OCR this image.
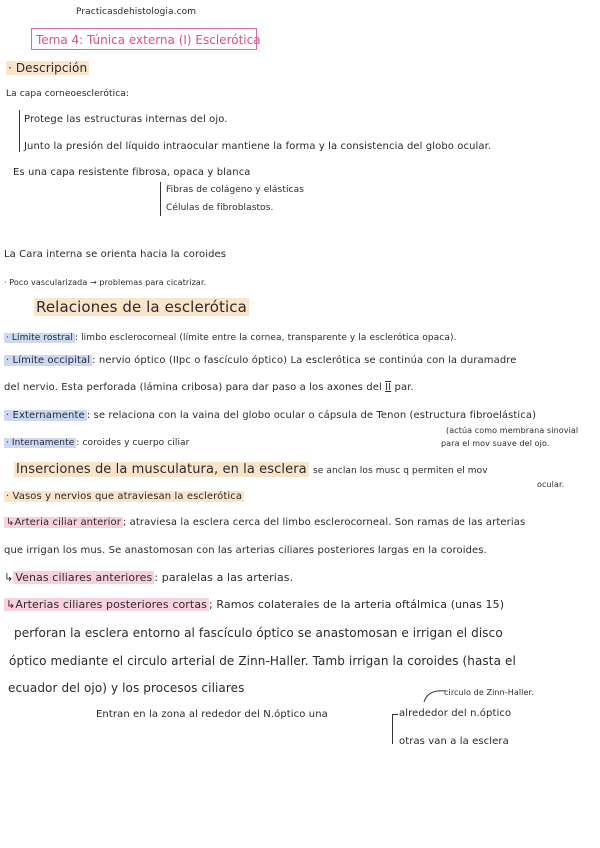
Practicasdehistologia.com
Tema 4: Túnica externa (I) Esclerótica
· Descripción
La capa corneoesclerótica:
Protege las estructuras internas del ojo.
Junto la presión del líquido intraocular mantiene la forma y la consistencia del globo ocular.
Es una capa resistente fibrosa, opaca y blanca
Fibras de colágeno y elásticas
Células de fibroblastos.
La Cara interna se orienta hacia la coroides
· Poco vascularizada → problemas para cicatrizar.
Relaciones de la esclerótica
· Límite rostral : limbo esclerocorneal (límite entre la cornea, transparente y la esclerótica opaca).
· Límite occipital : nervio óptico (IIpc o fascículo óptico) La esclerótica se continúa con la duramadre
del nervio. Esta perforada (lámina cribosa) para dar paso a los axones del II par.
· Externamente : se relaciona con la vaina del globo ocular o cápsula de Tenon (estructura fibroelástica)
(actúa como membrana sinovial
para el mov suave del ojo.
· Internamente : coroides y cuerpo ciliar
Inserciones de la musculatura, en la esclera se anclan los musc q permiten el mov
ocular.
· Vasos y nervios que atraviesan la esclerótica
↳Arteria ciliar anterior ; atraviesa la esclera cerca del limbo esclerocorneal. Son ramas de las arterias
que irrigan los mus. Se anastomosan con las arterias ciliares posteriores largas en la coroides.
↳ Venas ciliares anteriores : paralelas a las arterias.
↳Arterias ciliares posteriores cortas ; Ramos colaterales de la arteria oftálmica (unas 15)
perforan la esclera entorno al fascículo óptico se anastomosan e irrigan el disco
óptico mediante el circulo arterial de Zinn-Haller. Tamb irrigan la coroides (hasta el
ecuador del ojo) y los procesos ciliares
Entran en la zona al rededor del N.óptico una
circulo de Zinn-Haller.
alrededor del n.óptico
otras van a la esclera
